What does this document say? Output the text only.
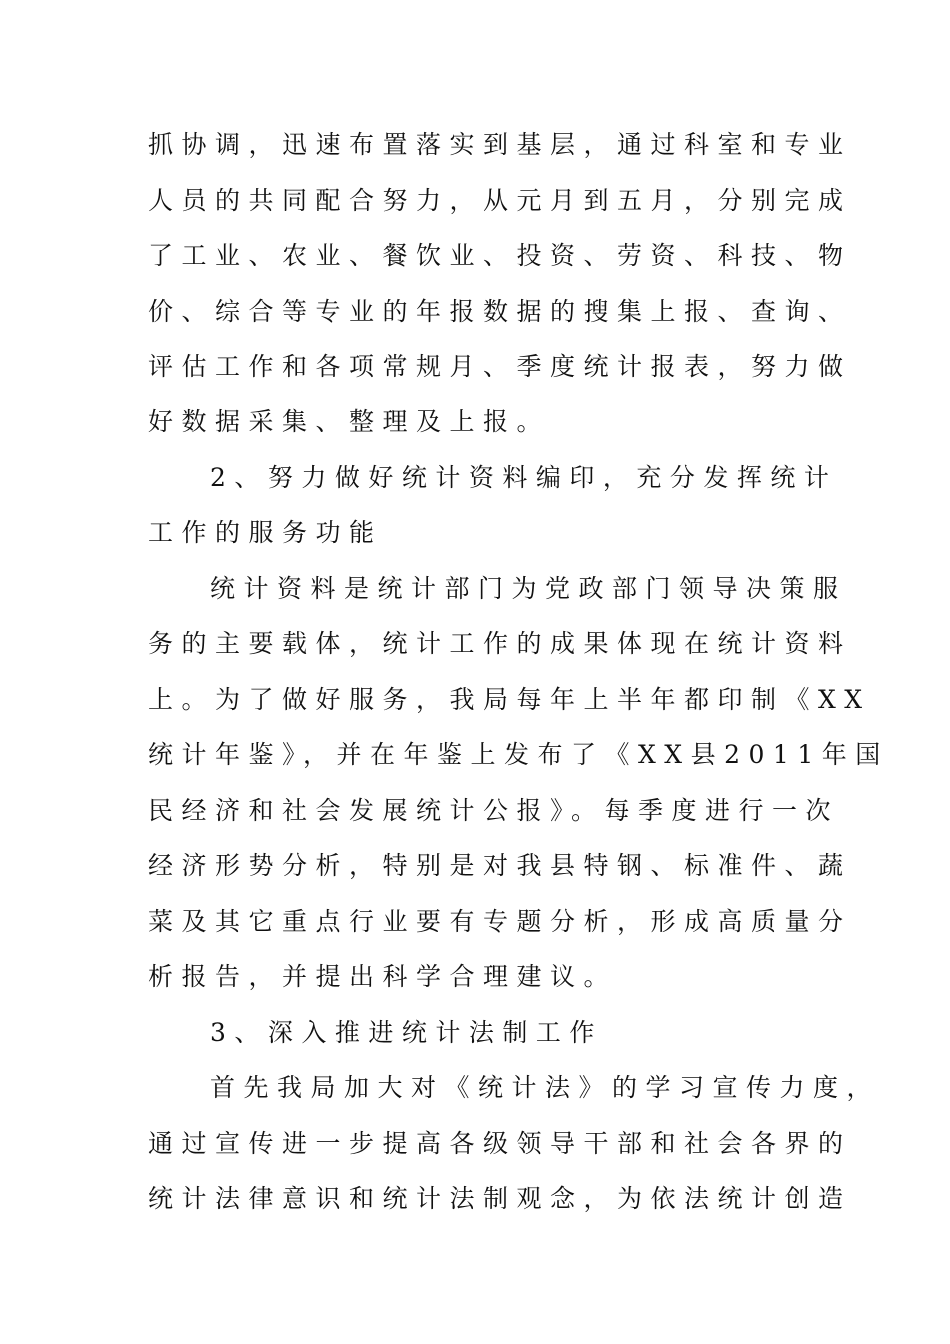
抓协调，迅速布置落实到基层，通过科室和专业
人员的共同配合努力，从元月到五月，分别完成
了工业、农业、餐饮业、投资、劳资、科技、物
价、综合等专业的年报数据的搜集上报、查询、
评估工作和各项常规月、季度统计报表，努力做
好数据采集、整理及上报。
2、努力做好统计资料编印，充分发挥统计
工作的服务功能
统计资料是统计部门为党政部门领导决策服
务的主要载体，统计工作的成果体现在统计资料
上。为了做好服务，我局每年上半年都印制《XX
统计年鉴》，并在年鉴上发布了《XX县2011年国
民经济和社会发展统计公报》。每季度进行一次
经济形势分析，特别是对我县特钢、标准件、蔬
菜及其它重点行业要有专题分析，形成高质量分
析报告，并提出科学合理建议。
3、深入推进统计法制工作
首先我局加大对《统计法》的学习宣传力度，
通过宣传进一步提高各级领导干部和社会各界的
统计法律意识和统计法制观念，为依法统计创造
